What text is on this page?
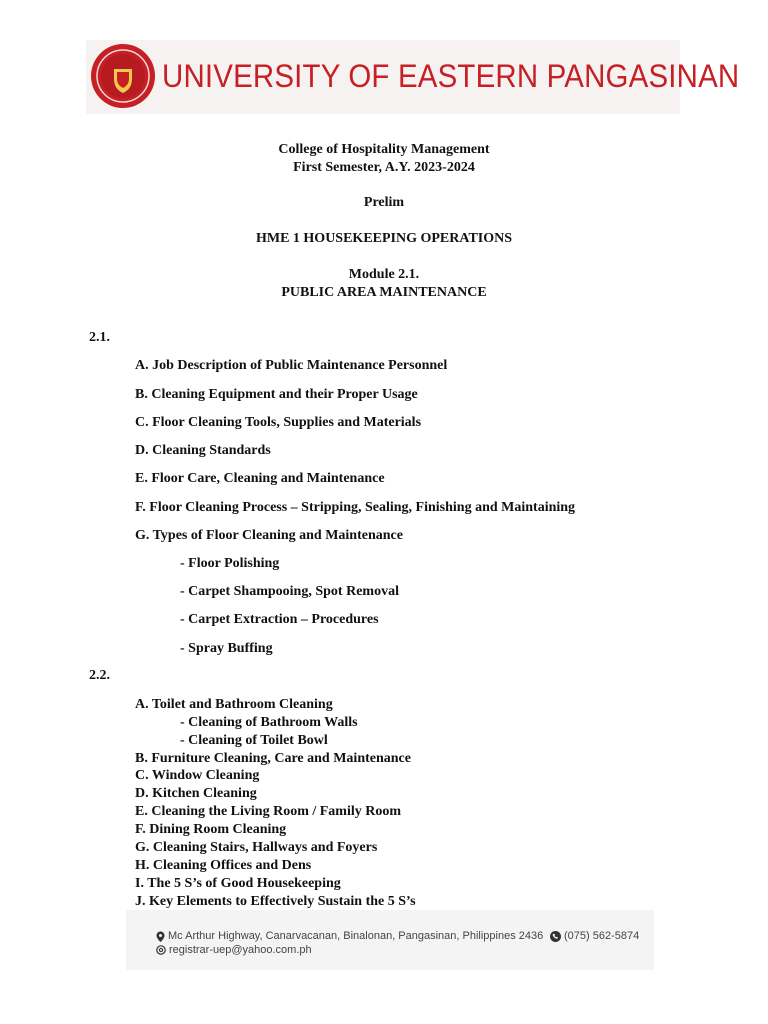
UNIVERSITY OF EASTERN PANGASINAN
College of Hospitality Management
First Semester, A.Y. 2023-2024
Prelim
HME 1 HOUSEKEEPING OPERATIONS
Module 2.1.
PUBLIC AREA MAINTENANCE
2.1.
A. Job Description of Public Maintenance Personnel
B. Cleaning Equipment and their Proper Usage
C. Floor Cleaning Tools, Supplies and Materials
D. Cleaning Standards
E. Floor Care, Cleaning and Maintenance
F. Floor Cleaning Process – Stripping, Sealing, Finishing and Maintaining
G. Types of Floor Cleaning and Maintenance
- Floor Polishing
- Carpet Shampooing, Spot Removal
- Carpet Extraction – Procedures
- Spray Buffing
2.2.
A. Toilet and Bathroom Cleaning
- Cleaning of Bathroom Walls
- Cleaning of Toilet Bowl
B. Furniture Cleaning, Care and Maintenance
C. Window Cleaning
D. Kitchen Cleaning
E. Cleaning the Living Room / Family Room
F. Dining Room Cleaning
G. Cleaning Stairs, Hallways and Foyers
H. Cleaning Offices and Dens
I. The 5 S’s of Good Housekeeping
J. Key Elements to Effectively Sustain the 5 S’s
Mc Arthur Highway, Canarvacanan, Binalonan, Pangasinan, Philippines 2436	(075) 562-5874
registrar-uep@yahoo.com.ph
